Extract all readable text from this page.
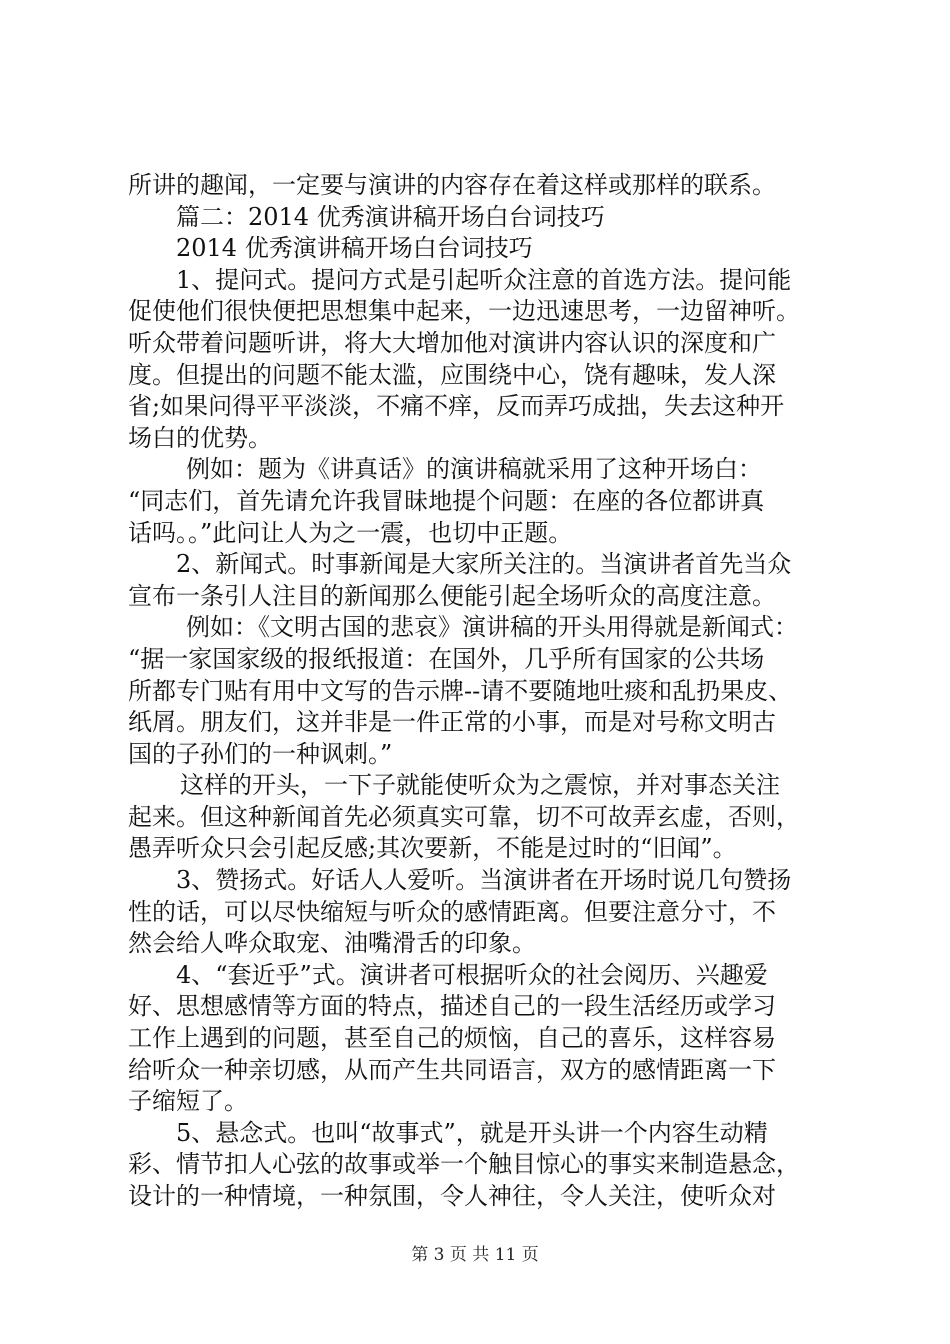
所讲的趣闻，一定要与演讲的内容存在着这样或那样的联系。
篇二：2014 优秀演讲稿开场白台词技巧
2014 优秀演讲稿开场白台词技巧
1、提问式。提问方式是引起听众注意的首选方法。提问能
促使他们很快便把思想集中起来，一边迅速思考，一边留神听。
听众带着问题听讲，将大大增加他对演讲内容认识的深度和广
度。但提出的问题不能太滥，应围绕中心，饶有趣味，发人深
省;如果问得平平淡淡，不痛不痒，反而弄巧成拙，失去这种开
场白的优势。
例如：题为《讲真话》的演讲稿就采用了这种开场白：
“同志们，首先请允许我冒昧地提个问题：在座的各位都讲真
话吗。。”此问让人为之一震，也切中正题。
2、新闻式。时事新闻是大家所关注的。当演讲者首先当众
宣布一条引人注目的新闻那么便能引起全场听众的高度注意。
例如：《文明古国的悲哀》演讲稿的开头用得就是新闻式：
“据一家国家级的报纸报道：在国外，几乎所有国家的公共场
所都专门贴有用中文写的告示牌--请不要随地吐痰和乱扔果皮、
纸屑。朋友们，这并非是一件正常的小事，而是对号称文明古
国的子孙们的一种讽刺。”
这样的开头，一下子就能使听众为之震惊，并对事态关注
起来。但这种新闻首先必须真实可靠，切不可故弄玄虚，否则，
愚弄听众只会引起反感;其次要新，不能是过时的“旧闻”。
3、赞扬式。好话人人爱听。当演讲者在开场时说几句赞扬
性的话，可以尽快缩短与听众的感情距离。但要注意分寸，不
然会给人哗众取宠、油嘴滑舌的印象。
4、“套近乎”式。演讲者可根据听众的社会阅历、兴趣爱
好、思想感情等方面的特点，描述自己的一段生活经历或学习
工作上遇到的问题，甚至自己的烦恼，自己的喜乐，这样容易
给听众一种亲切感，从而产生共同语言，双方的感情距离一下
子缩短了。
5、悬念式。也叫“故事式”，就是开头讲一个内容生动精
彩、情节扣人心弦的故事或举一个触目惊心的事实来制造悬念，
设计的一种情境，一种氛围，令人神往，令人关注，使听众对
第 3 页 共 11 页
